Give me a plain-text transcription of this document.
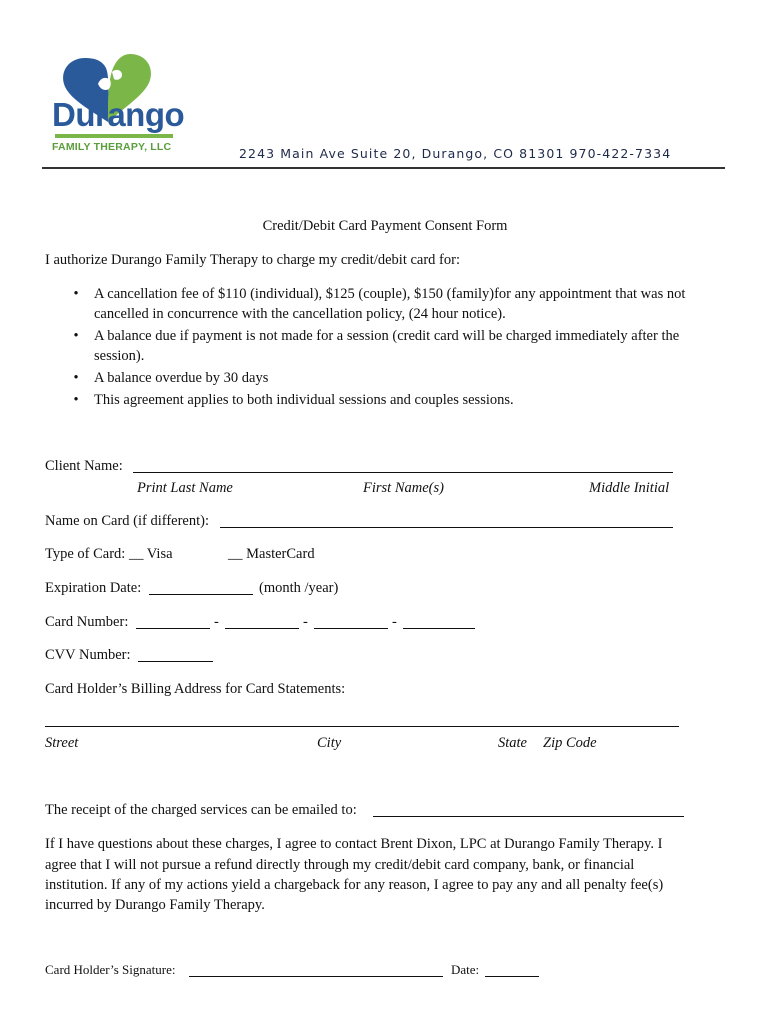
Durango
FAMILY THERAPY, LLC	2243 Main Ave Suite 20, Durango, CO 81301 970-422-7334
Credit/Debit Card Payment Consent Form
I authorize Durango Family Therapy to charge my credit/debit card for:
•	A cancellation fee of $110 (individual), $125 (couple), $150 (family)for any appointment that was not
cancelled in concurrence with the cancellation policy, (24 hour notice).
•	A balance due if payment is not made for a session (credit card will be charged immediately after the
session).
•	A balance overdue by 30 days
•	This agreement applies to both individual sessions and couples sessions.
Client Name:
Print Last Name	First Name(s)	Middle Initial
Name on Card (if different):
Type of Card: __ Visa	__ MasterCard
Expiration Date:	(month /year)
Card Number:	-	-	-
CVV Number:
Card Holder’s Billing Address for Card Statements:
Street	City	State Zip Code
The receipt of the charged services can be emailed to:
If I have questions about these charges, I agree to contact Brent Dixon, LPC at Durango Family Therapy. I
agree that I will not pursue a refund directly through my credit/debit card company, bank, or financial
institution. If any of my actions yield a chargeback for any reason, I agree to pay any and all penalty fee(s)
incurred by Durango Family Therapy.
Card Holder’s Signature:	Date:
